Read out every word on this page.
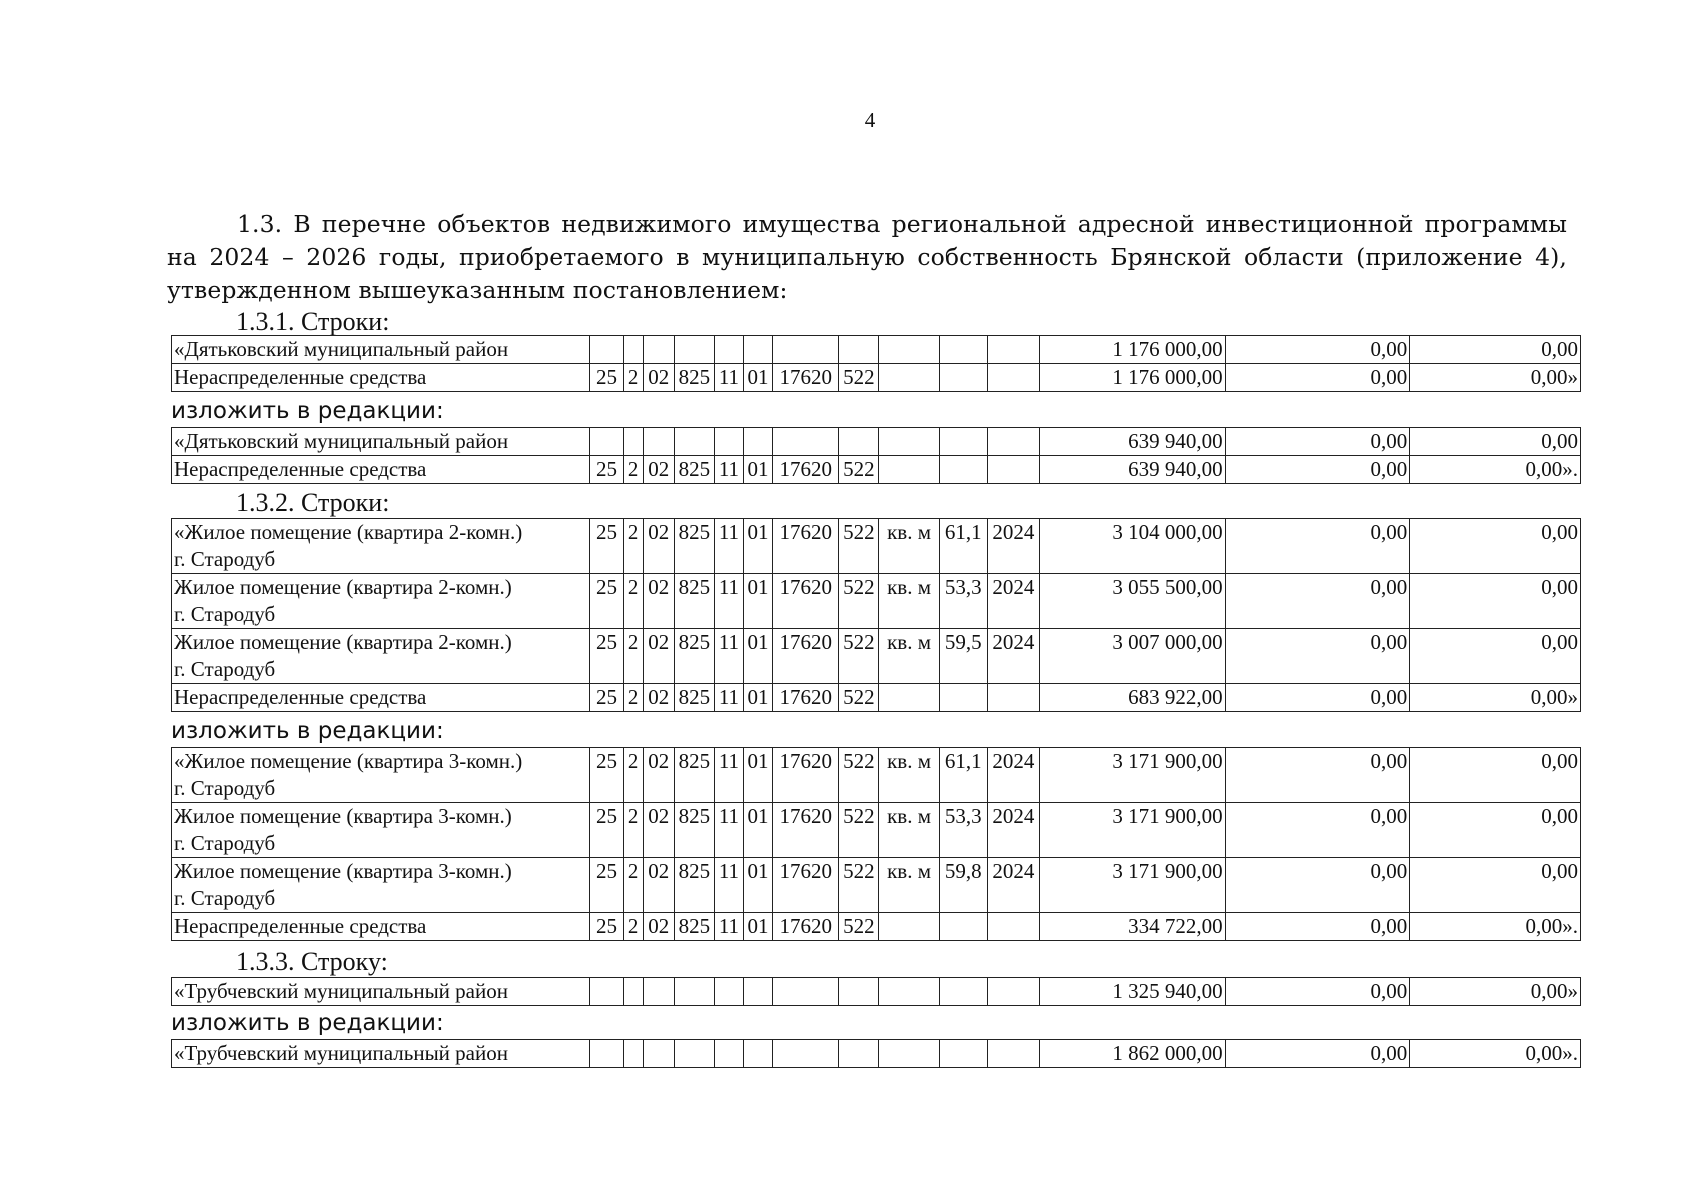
4
1.3. В перечне объектов недвижимого имущества региональной адресной инвестиционной программы
на 2024 – 2026 годы, приобретаемого в муниципальную собственность Брянской области (приложение 4),
утвержденном вышеуказанным постановлением:
1.3.1. Строки:
«Дятьковский муниципальный район												1 176 000,00	0,00	0,00

Нераспределенные средства	25	2	02	825	11	01	17620	522				1 176 000,00	0,00	0,00»
изложить в редакции:
«Дятьковский муниципальный район												639 940,00	0,00	0,00

Нераспределенные средства	25	2	02	825	11	01	17620	522				639 940,00	0,00	0,00».
1.3.2. Строки:
«Жилое помещение (квартира 2-комн.)
г. Стародуб	25	2	02	825	11	01	17620	522	кв. м	61,1	2024	3 104 000,00	0,00	0,00

Жилое помещение (квартира 2-комн.)
г. Стародуб	25	2	02	825	11	01	17620	522	кв. м	53,3	2024	3 055 500,00	0,00	0,00

Жилое помещение (квартира 2-комн.)
г. Стародуб	25	2	02	825	11	01	17620	522	кв. м	59,5	2024	3 007 000,00	0,00	0,00

Нераспределенные средства	25	2	02	825	11	01	17620	522				683 922,00	0,00	0,00»
изложить в редакции:
«Жилое помещение (квартира 3-комн.)
г. Стародуб	25	2	02	825	11	01	17620	522	кв. м	61,1	2024	3 171 900,00	0,00	0,00

Жилое помещение (квартира 3-комн.)
г. Стародуб	25	2	02	825	11	01	17620	522	кв. м	53,3	2024	3 171 900,00	0,00	0,00

Жилое помещение (квартира 3-комн.)
г. Стародуб	25	2	02	825	11	01	17620	522	кв. м	59,8	2024	3 171 900,00	0,00	0,00

Нераспределенные средства	25	2	02	825	11	01	17620	522				334 722,00	0,00	0,00».
1.3.3. Строку:
«Трубчевский муниципальный район												1 325 940,00	0,00	0,00»
изложить в редакции:
«Трубчевский муниципальный район												1 862 000,00	0,00	0,00».
